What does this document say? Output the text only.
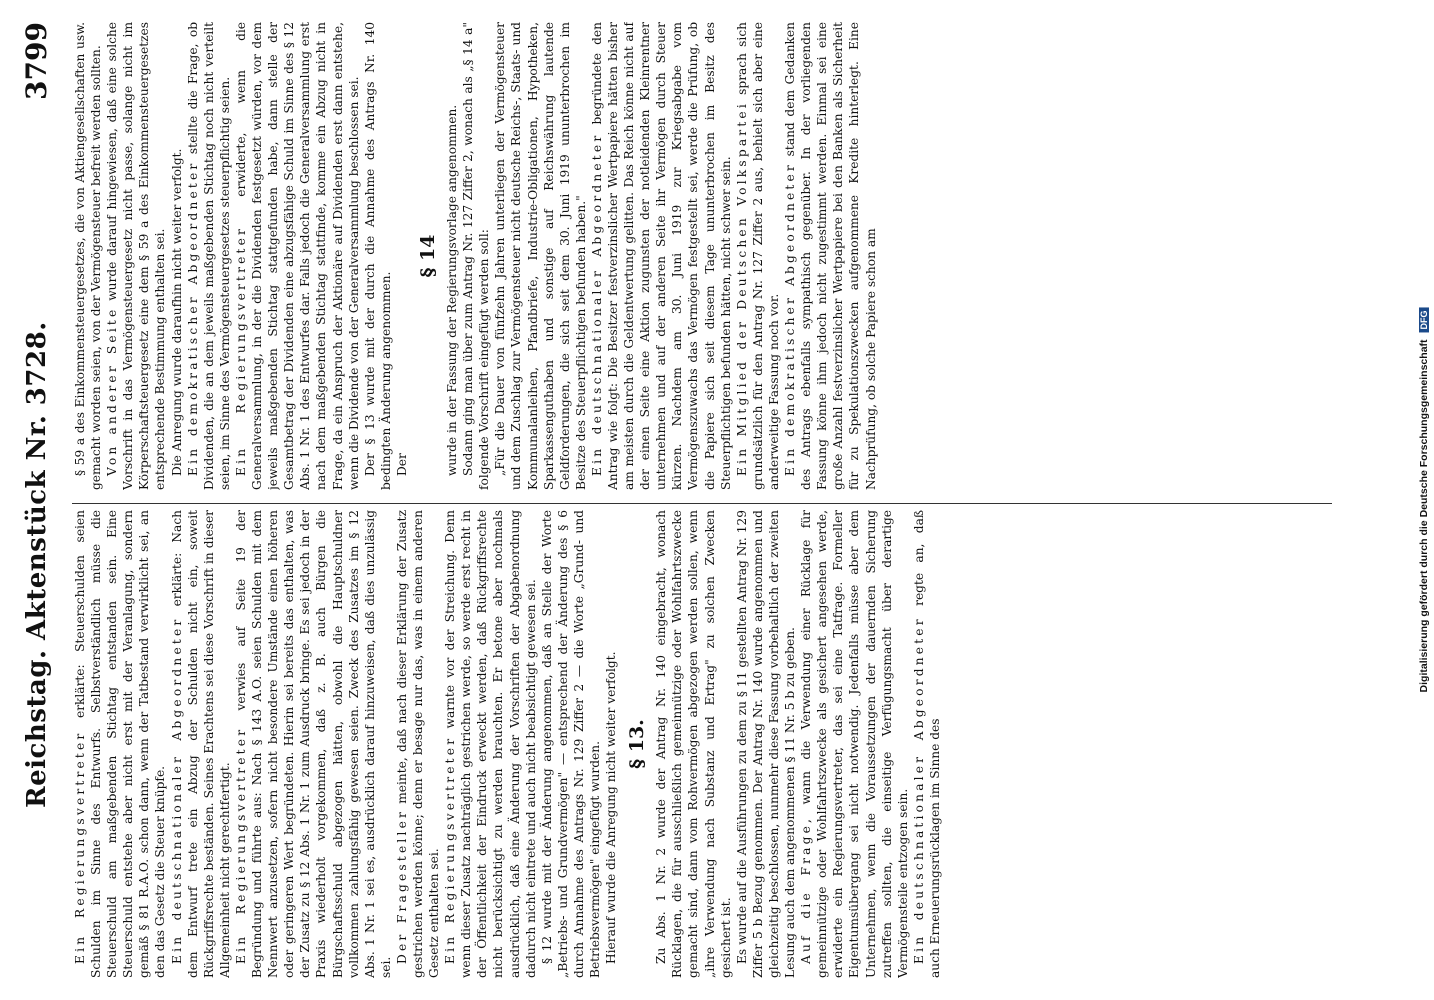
Reichstag. Aktenstück Nr. 3728.
3799

Ein Regierungsvertreter erklärte: Steuerschulden seien Schulden im Sinne des Entwurfs. Selbstverständlich müsse die Steuerschuld am maßgebenden Stichtag entstanden sein. Eine Steuerschuld entstehe aber nicht erst mit der Veranlagung, sondern gemäß § 81 R.A.O. schon dann, wenn der Tatbestand verwirklicht sei, an den das Gesetz die Steuer knüpfe. Ein deutschnationaler Abgeordneter erklärte: Nach dem Entwurf trete ein Abzug der Schulden nicht ein, soweit Rückgriffsrechte beständen. Seines Erachtens sei diese Vorschrift in dieser Allgemeinheit nicht gerechtfertigt. Ein Regierungsvertreter verwies auf Seite 19 der Begründung und führte aus: Nach § 143 A.O. seien Schulden mit dem Nennwert anzusetzen, sofern nicht besondere Umstände einen höheren oder geringeren Wert begründeten. Hierin sei bereits das enthalten, was der Zusatz zu § 12 Abs. 1 Nr. 1 zum Ausdruck bringe. Es sei jedoch in der Praxis wiederholt vorgekommen, daß z. B. auch Bürgen die Bürgschaftsschuld abgezogen hätten, obwohl die Hauptschuldner vollkommen zahlungsfähig gewesen seien. Zweck des Zusatzes im § 12 Abs. 1 Nr. 1 sei es, ausdrücklich darauf hinzuweisen, daß dies unzulässig sei.

Der Fragesteller meinte, daß nach dieser Erklärung der Zusatz gestrichen werden könne; denn er besage nur das, was in einem anderen Gesetz enthalten sei. Ein Regierungsvertreter warnte vor der Streichung. Denn wenn dieser Zusatz nachträglich gestrichen werde, so werde erst recht in der Öffentlichkeit der Eindruck erweckt werden, daß Rückgriffsrechte nicht berücksichtigt zu werden brauchten. Er betone aber nochmals ausdrücklich, daß eine Änderung der Vorschriften der Abgabenordnung dadurch nicht eintrete und auch nicht beabsichtigt gewesen sei. § 12 wurde mit der Änderung angenommen, daß an Stelle der Worte „Betriebs- und Grundvermögen" — entsprechend der Änderung des § 6 durch Annahme des Antrags Nr. 129 Ziffer 2 — die Worte „Grund- und Betriebsvermögen" eingefügt wurden. Hierauf wurde die Anregung nicht weiter verfolgt. § 13. Zu Abs. 1 Nr. 2 wurde der Antrag Nr. 140 eingebracht, wonach Rücklagen, die für ausschließlich gemeinnützige oder Wohlfahrtszwecke gemacht sind, dann vom Rohvermögen abgezogen werden sollen, wenn „ihre Verwendung nach Substanz und Ertrag" zu solchen Zwecken gesichert ist. Es wurde auf die Ausführungen zu dem zu § 11 gestellten Antrag Nr. 129 Ziffer 5 b Bezug genommen. Der Antrag Nr. 140 wurde angenommen und gleichzeitig beschlossen, nunmehr diese Fassung vorbehaltlich der zweiten Lesung auch dem angenommenen § 11 Nr. 5 b zu geben. Auf die Frage, wann die Verwendung einer Rücklage für gemeinnützige oder Wohlfahrtszwecke als gesichert angesehen werde, erwiderte ein Regierungsvertreter, das sei eine Tatfrage. Formeller Eigentumsübergang sei nicht notwendig. Jedenfalls müsse aber dem Unternehmen, wenn die Voraussetzungen der dauernden Sicherung zutreffen sollten, die einseitige Verfügungsmacht über derartige Vermögensteile entzogen sein. Ein deutschnationaler Abgeordneter regte an, daß auch Erneuerungsrücklagen im Sinne des

§ 59 a des Einkommensteuergesetzes, die von Aktiengesellschaften usw. gemacht worden seien, von der Vermögensteuer befreit werden sollten. Von anderer Seite wurde darauf hingewiesen, daß eine solche Vorschrift in das Vermögensteuergesetz nicht passe, solange nicht im Körperschaftsteuergesetz eine dem § 59 a des Einkommensteuergesetzes entsprechende Bestimmung enthalten sei. Die Anregung wurde daraufhin nicht weiter verfolgt. Ein demokratischer Abgeordneter stellte die Frage, ob Dividenden, die an dem jeweils maßgebenden Stichtag noch nicht verteilt seien, im Sinne des Vermögensteuergesetzes steuerpflichtig seien. Ein Regierungsvertreter erwiderte, wenn die Generalversammlung, in der die Dividenden festgesetzt würden, vor dem jeweils maßgebenden Stichtag stattgefunden habe, dann stelle der Gesamtbetrag der Dividenden eine abzugsfähige Schuld im Sinne des § 12 Abs. 1 Nr. 1 des Entwurfes dar. Falls jedoch die Generalversammlung erst nach dem maßgebenden Stichtag stattfinde, komme ein Abzug nicht in Frage, da ein Anspruch der Aktionäre auf Dividenden erst dann entstehe, wenn die Dividende von der Generalversammlung beschlossen sei. Der § 13 wurde mit der durch die Annahme des Antrags Nr. 140 bedingten Änderung angenommen. Der

§ 14 wurde in der Fassung der Regierungsvorlage angenommen. Sodann ging man über zum Antrag Nr. 127 Ziffer 2, wonach als „§ 14 a" folgende Vorschrift eingefügt werden soll: „Für die Dauer von fünfzehn Jahren unterliegen der Vermögensteuer und dem Zuschlag zur Vermögensteuer nicht deutsche Reichs-, Staats- und Kommunalanleihen, Pfandbriefe, Industrie-Obligationen, Hypotheken, Sparkassenguthaben und sonstige auf Reichswährung lautende Geldforderungen, die sich seit dem 30. Juni 1919 ununterbrochen im Besitze des Steuerpflichtigen befunden haben." Ein deutschnationaler Abgeordneter begründete den Antrag wie folgt: Die Besitzer festverzinslicher Wertpapiere hätten bisher am meisten durch die Geldentwertung gelitten. Das Reich könne nicht auf der einen Seite eine Aktion zugunsten der notleidenden Kleinrentner unternehmen und auf der anderen Seite ihr Vermögen durch Steuer kürzen. Nachdem am 30. Juni 1919 zur Kriegsabgabe vom Vermögenszuwachs das Vermögen festgestellt sei, werde die Prüfung, ob die Papiere sich seit diesem Tage ununterbrochen im Besitz des Steuerpflichtigen befunden hätten, nicht schwer sein. Ein Mitglied der Deutschen Volkspartei sprach sich grundsätzlich für den Antrag Nr. 127 Ziffer 2 aus, behielt sich aber eine anderweitige Fassung noch vor. Ein demokratischer Abgeordneter stand dem Gedanken des Antrags ebenfalls sympathisch gegenüber. In der vorliegenden Fassung könne ihm jedoch nicht zugestimmt werden. Einmal sei eine große Anzahl festverzinslicher Wertpapiere bei den Banken als Sicherheit für zu Spekulationszwecken aufgenommene Kredite hinterlegt. Eine Nachprüfung, ob solche Papiere schon am	Digitalisierung gefördert durch die Deutsche Forschungsgemeinschaft DFG
